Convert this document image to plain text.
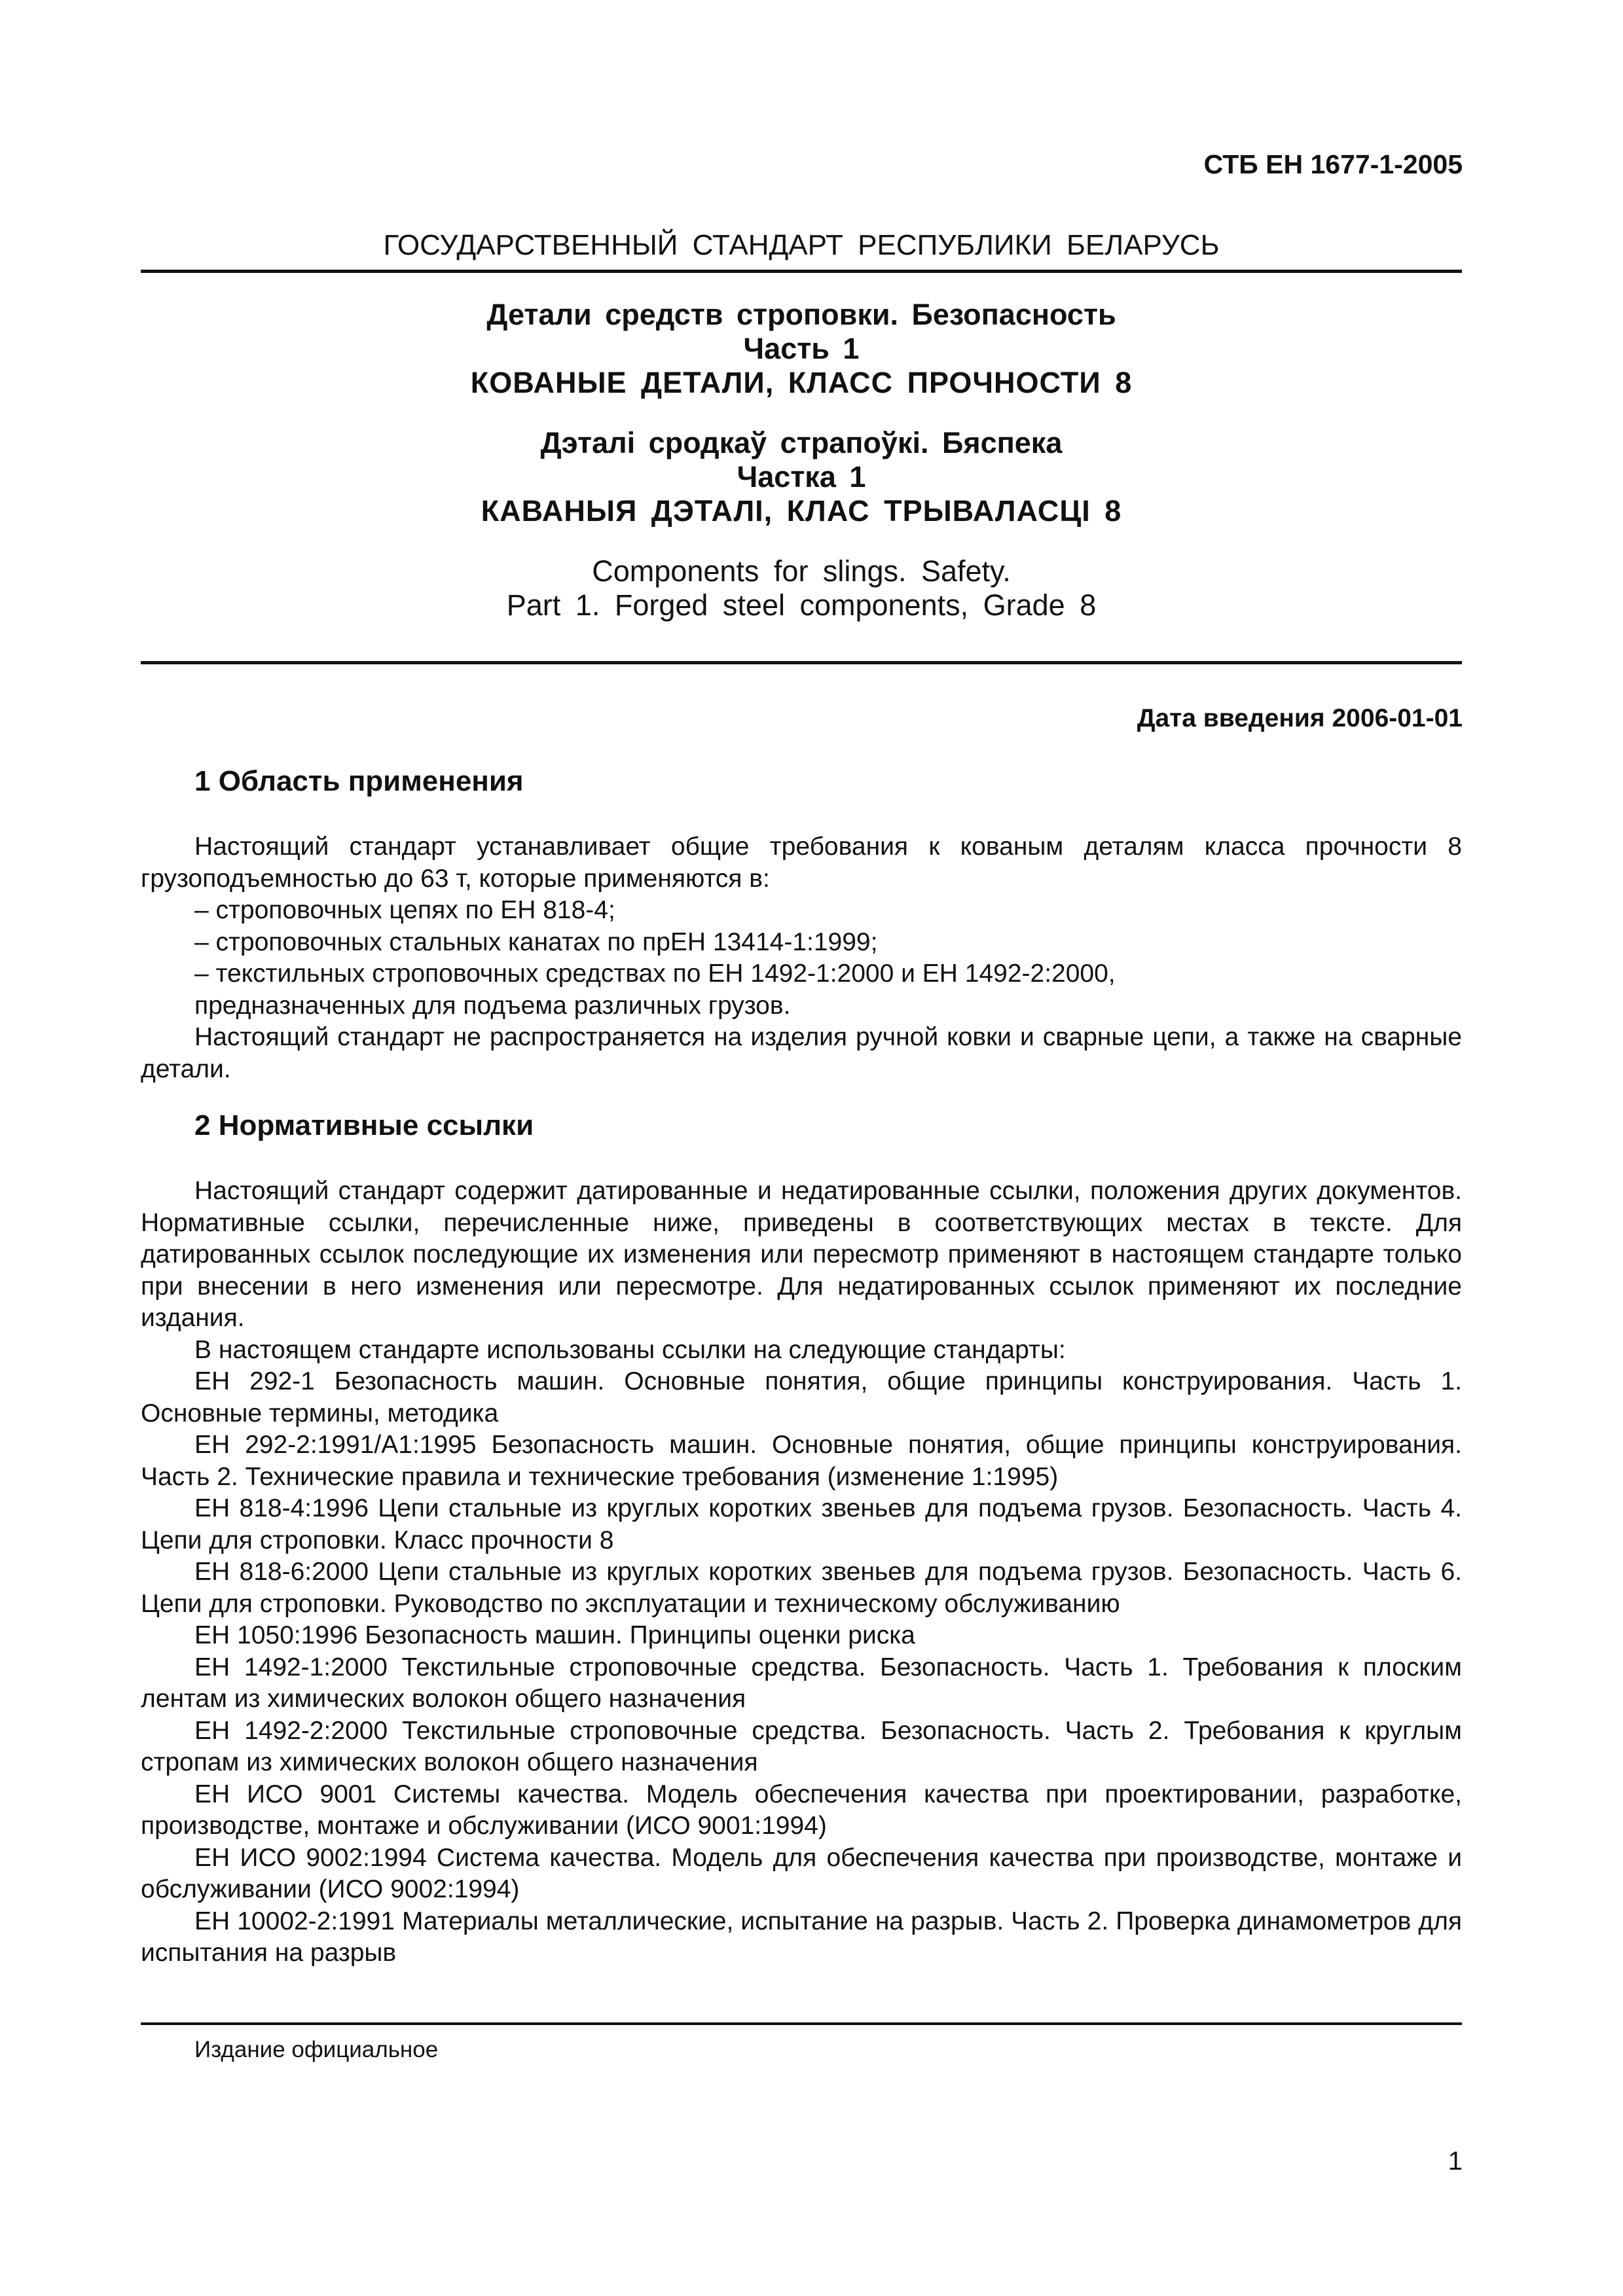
СТБ ЕН 1677-1-2005
ГОСУДАРСТВЕННЫЙ СТАНДАРТ РЕСПУБЛИКИ БЕЛАРУСЬ
Детали средств строповки. Безопасность
Часть 1
КОВАНЫЕ ДЕТАЛИ, КЛАСС ПРОЧНОСТИ 8
Дэталі сродкаў страпоўкі. Бяспека
Частка 1
КАВАНЫЯ ДЭТАЛІ, КЛАС ТРЫВАЛАСЦІ 8
Components for slings. Safety.
Part 1. Forged steel components, Grade 8
Дата введения 2006-01-01
1 Область применения

Настоящий стандарт устанавливает общие требования к кованым деталям класса прочности 8 грузоподъемностью до 63 т, которые применяются в:

– строповочных цепях по ЕН 818-4;

– строповочных стальных канатах по прЕН 13414-1:1999;

– текстильных строповочных средствах по ЕН 1492-1:2000 и ЕН 1492-2:2000,

предназначенных для подъема различных грузов.

Настоящий стандарт не распространяется на изделия ручной ковки и сварные цепи, а также на сварные детали.

2 Нормативные ссылки

Настоящий стандарт содержит датированные и недатированные ссылки, положения других документов. Нормативные ссылки, перечисленные ниже, приведены в соответствующих местах в тексте. Для датированных ссылок последующие их изменения или пересмотр применяют в настоящем стандарте только при внесении в него изменения или пересмотре. Для недатированных ссылок применяют их последние издания.

В настоящем стандарте использованы ссылки на следующие стандарты:

ЕН 292-1 Безопасность машин. Основные понятия, общие принципы конструирования. Часть 1. Основные термины, методика

ЕН 292-2:1991/А1:1995 Безопасность машин. Основные понятия, общие принципы конструирования. Часть 2. Технические правила и технические требования (изменение 1:1995)

ЕН 818-4:1996 Цепи стальные из круглых коротких звеньев для подъема грузов. Безопасность. Часть 4. Цепи для строповки. Класс прочности 8

ЕН 818-6:2000 Цепи стальные из круглых коротких звеньев для подъема грузов. Безопасность. Часть 6. Цепи для строповки. Руководство по эксплуатации и техническому обслуживанию

ЕН 1050:1996 Безопасность машин. Принципы оценки риска

ЕН 1492-1:2000 Текстильные строповочные средства. Безопасность. Часть 1. Требования к плоским лентам из химических волокон общего назначения

ЕН 1492-2:2000 Текстильные строповочные средства. Безопасность. Часть 2. Требования к круглым стропам из химических волокон общего назначения

ЕН ИСО 9001 Системы качества. Модель обеспечения качества при проектировании, разработке, производстве, монтаже и обслуживании (ИСО 9001:1994)

ЕН ИСО 9002:1994 Система качества. Модель для обеспечения качества при производстве, монтаже и обслуживании (ИСО 9002:1994)

ЕН 10002-2:1991 Материалы металлические, испытание на разрыв. Часть 2. Проверка динамометров для испытания на разрыв

Издание официальное
1
